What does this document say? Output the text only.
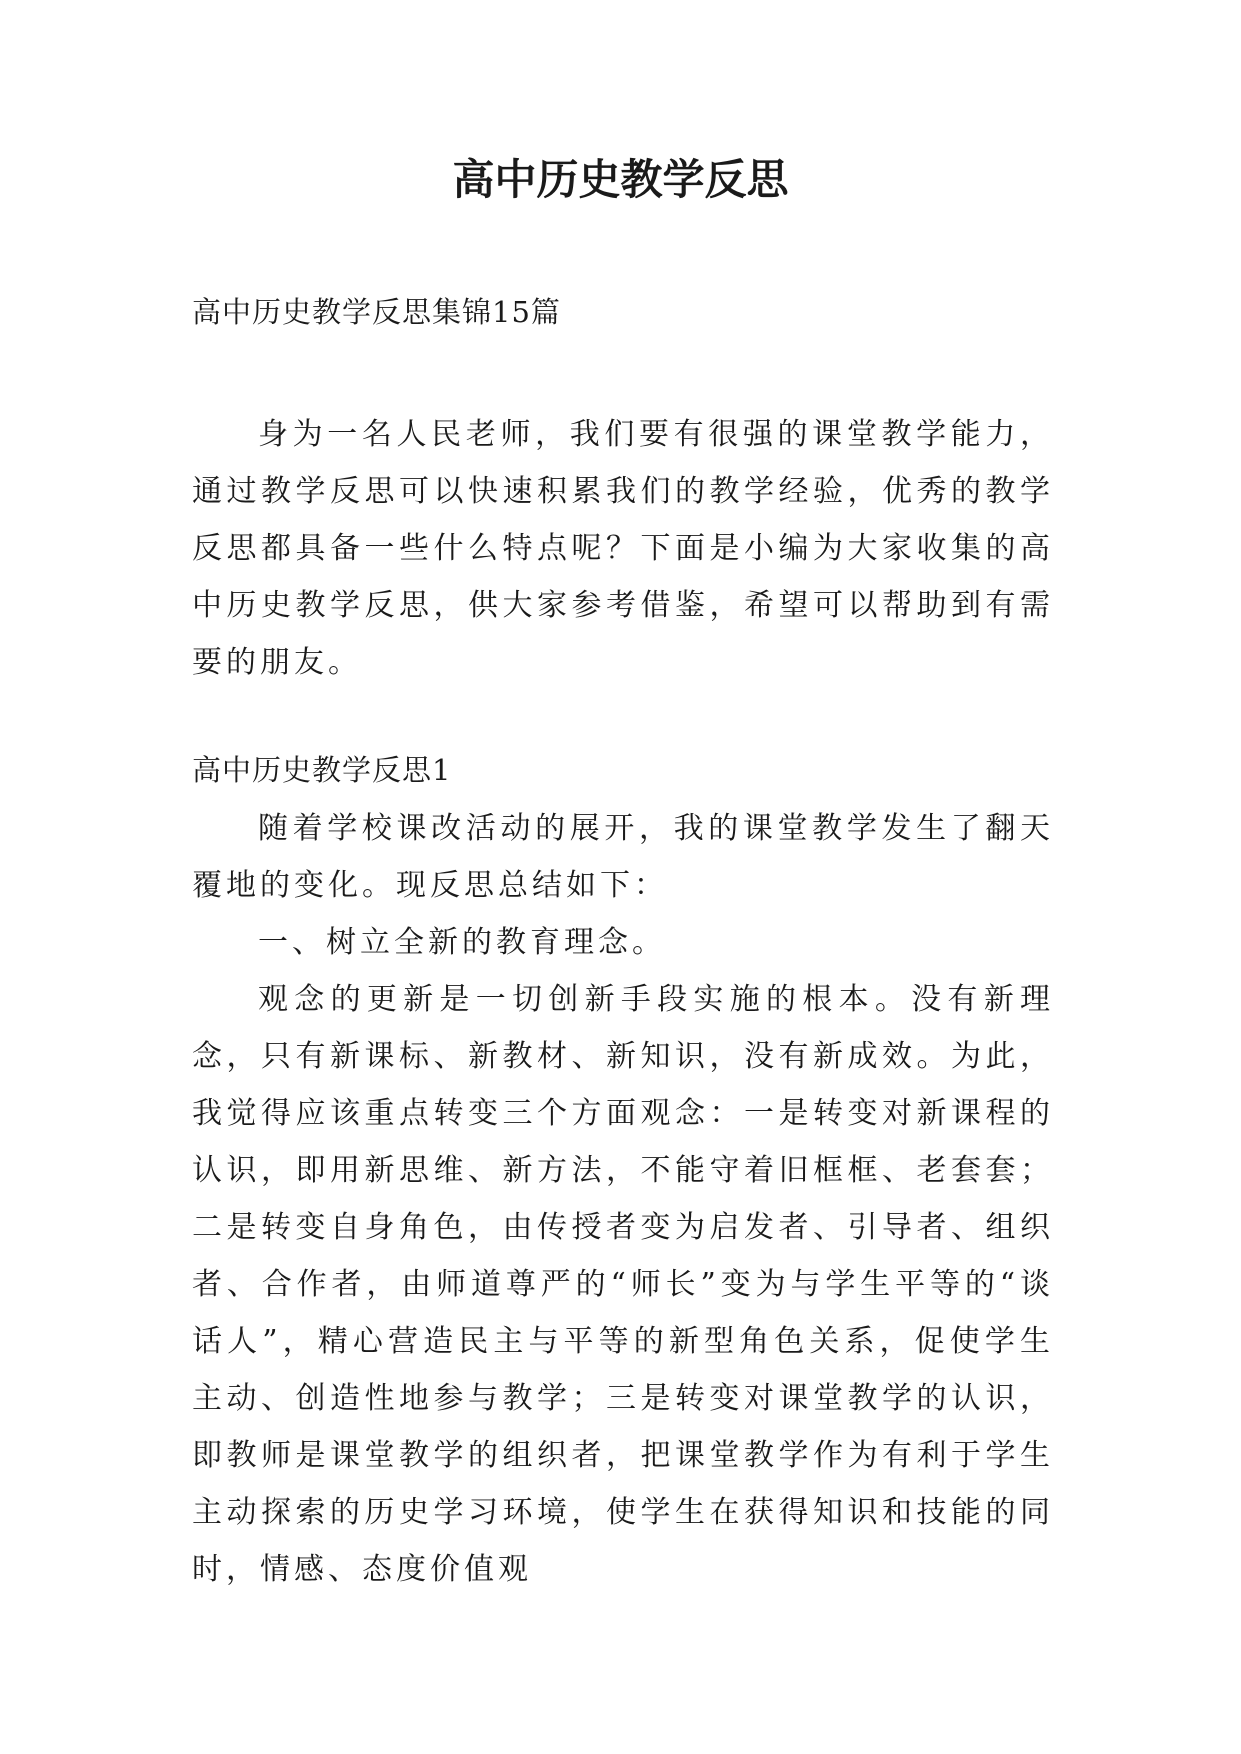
高中历史教学反思

高中历史教学反思集锦15篇

身为一名人民老师，我们要有很强的课堂教学能力，通过教学反思可以快速积累我们的教学经验，优秀的教学反思都具备一些什么特点呢？下面是小编为大家收集的高中历史教学反思，供大家参考借鉴，希望可以帮助到有需要的朋友。

高中历史教学反思1

随着学校课改活动的展开，我的课堂教学发生了翻天覆地的变化。现反思总结如下：

一、树立全新的教育理念。

观念的更新是一切创新手段实施的根本。没有新理念，只有新课标、新教材、新知识，没有新成效。为此，我觉得应该重点转变三个方面观念：一是转变对新课程的认识，即用新思维、新方法，不能守着旧框框、老套套；二是转变自身角色，由传授者变为启发者、引导者、组织者、合作者，由师道尊严的“师长”变为与学生平等的“谈话人”，精心营造民主与平等的新型角色关系，促使学生主动、创造性地参与教学；三是转变对课堂教学的认识，即教师是课堂教学的组织者，把课堂教学作为有利于学生主动探索的历史学习环境，使学生在获得知识和技能的同时，情感、态度价值观
